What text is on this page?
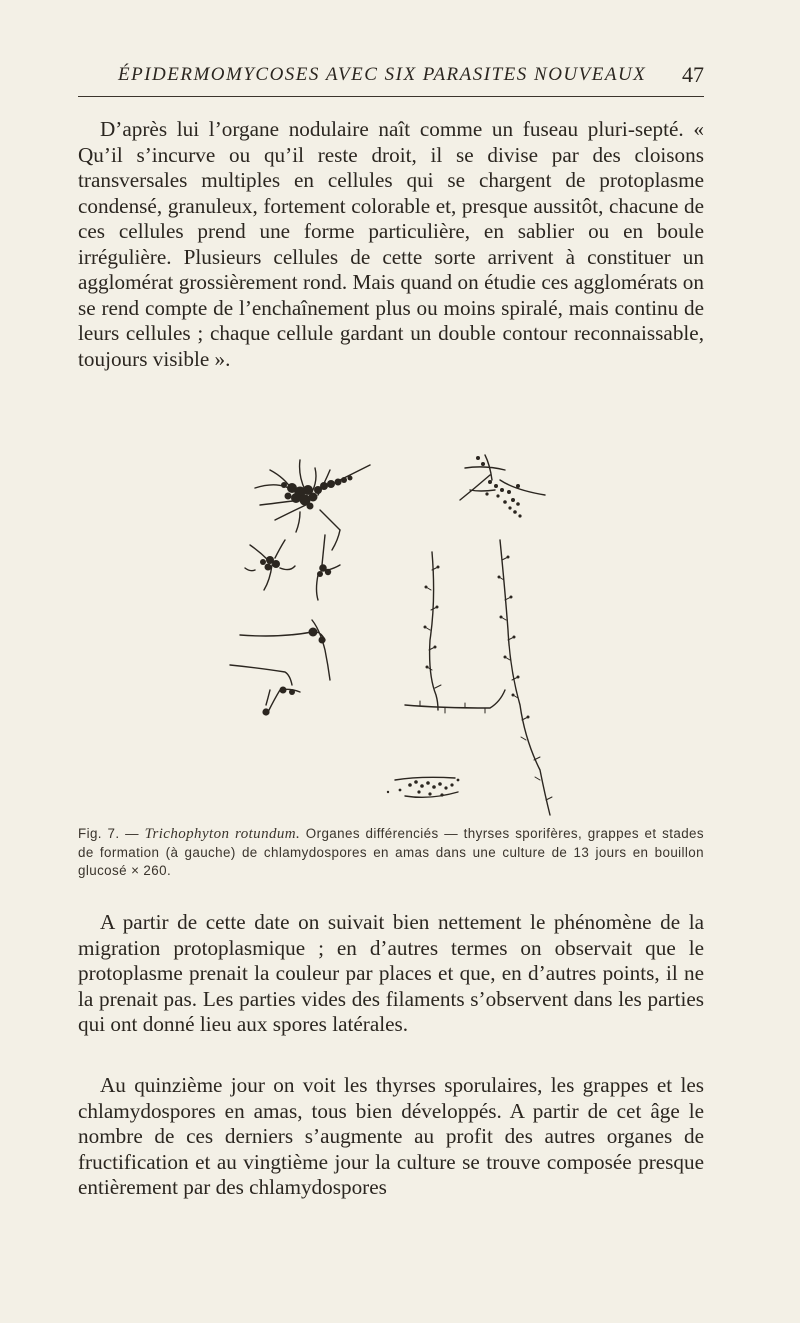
ÉPIDERMOMYCOSES AVEC SIX PARASITES NOUVEAUX 47

D’après lui l’organe nodulaire naît comme un fuseau pluri-septé. « Qu’il s’incurve ou qu’il reste droit, il se divise par des cloisons transversales multiples en cellules qui se chargent de protoplasme condensé, granuleux, fortement colorable et, presque aussitôt, chacune de ces cellules prend une forme particulière, en sablier ou en boule irrégulière. Plusieurs cellules de cette sorte arrivent à constituer un agglomérat grossièrement rond. Mais quand on étudie ces agglomérats on se rend compte de l’enchaînement plus ou moins spiralé, mais continu de leurs cellules ; chaque cellule gardant un double contour reconnaissable, toujours visible ».

Fig. 7. — Trichophyton rotundum. Organes différenciés — thyrses sporifères, grappes et stades de formation (à gauche) de chlamydospores en amas dans une culture de 13 jours en bouillon glucosé × 260.

A partir de cette date on suivait bien nettement le phénomène de la migration protoplasmique ; en d’autres termes on observait que le protoplasme prenait la couleur par places et que, en d’autres points, il ne la prenait pas. Les parties vides des filaments s’observent dans les parties qui ont donné lieu aux spores latérales.

Au quinzième jour on voit les thyrses sporulaires, les grappes et les chlamydospores en amas, tous bien développés. A partir de cet âge le nombre de ces derniers s’augmente au profit des autres organes de fructification et au vingtième jour la culture se trouve composée presque entièrement par des chlamydospores
